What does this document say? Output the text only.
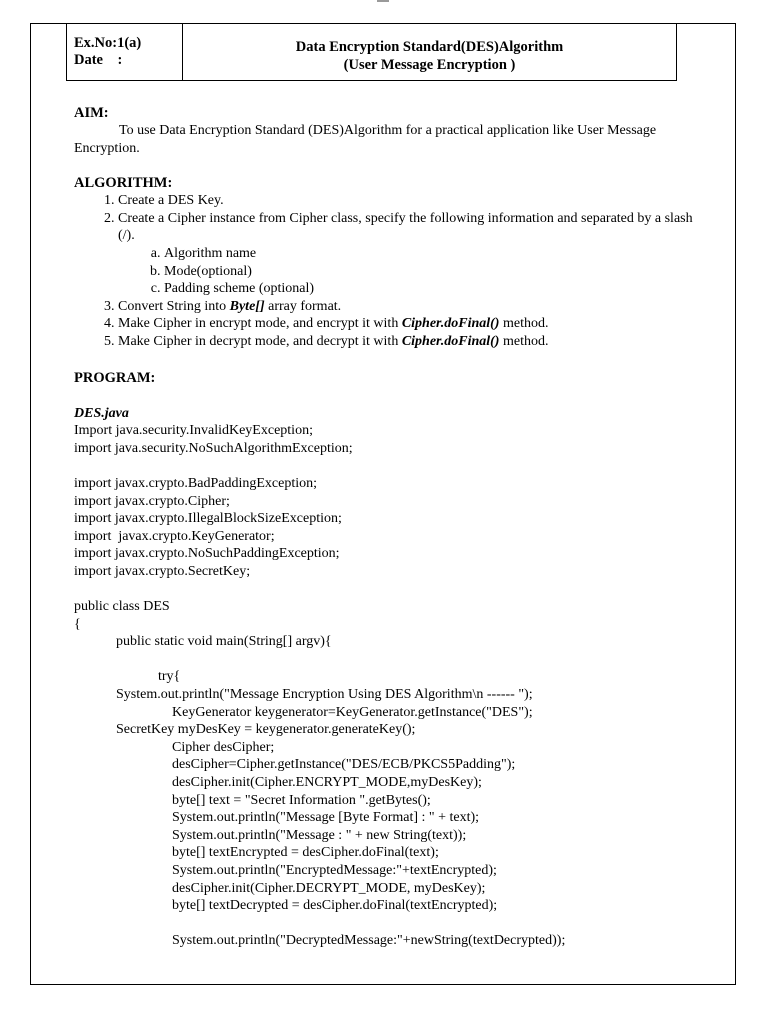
Ex.No:1(a)
Date    :
Data Encryption Standard(DES)Algorithm
(User Message Encryption )
AIM:

To use Data Encryption Standard (DES)Algorithm for a practical application like User Message Encryption.

ALGORITHM:
1. Create a DES Key.
2. Create a Cipher instance from Cipher class, specify the following information and separated by a slash (/).
a. Algorithm name
b. Mode(optional)
c. Padding scheme (optional)
3. Convert String into Byte[] array format.
4. Make Cipher in encrypt mode, and encrypt it with Cipher.doFinal() method.
5. Make Cipher in decrypt mode, and decrypt it with Cipher.doFinal() method.
PROGRAM:
DES.java
Import java.security.InvalidKeyException;
import java.security.NoSuchAlgorithmException;
import javax.crypto.BadPaddingException;
import javax.crypto.Cipher;
import javax.crypto.IllegalBlockSizeException;
import  javax.crypto.KeyGenerator;
import javax.crypto.NoSuchPaddingException;
import javax.crypto.SecretKey;
public class DES
{
public static void main(String[] argv){
try{
System.out.println("Message Encryption Using DES Algorithm\n ------ ");
KeyGenerator keygenerator=KeyGenerator.getInstance("DES");
SecretKey myDesKey = keygenerator.generateKey();
Cipher desCipher;
desCipher=Cipher.getInstance("DES/ECB/PKCS5Padding");
desCipher.init(Cipher.ENCRYPT_MODE,myDesKey);
byte[] text = "Secret Information ".getBytes();
System.out.println("Message [Byte Format] : " + text);
System.out.println("Message : " + new String(text));
byte[] textEncrypted = desCipher.doFinal(text);
System.out.println("EncryptedMessage:"+textEncrypted);
desCipher.init(Cipher.DECRYPT_MODE, myDesKey);
byte[] textDecrypted = desCipher.doFinal(textEncrypted);
System.out.println("DecryptedMessage:"+newString(textDecrypted));
